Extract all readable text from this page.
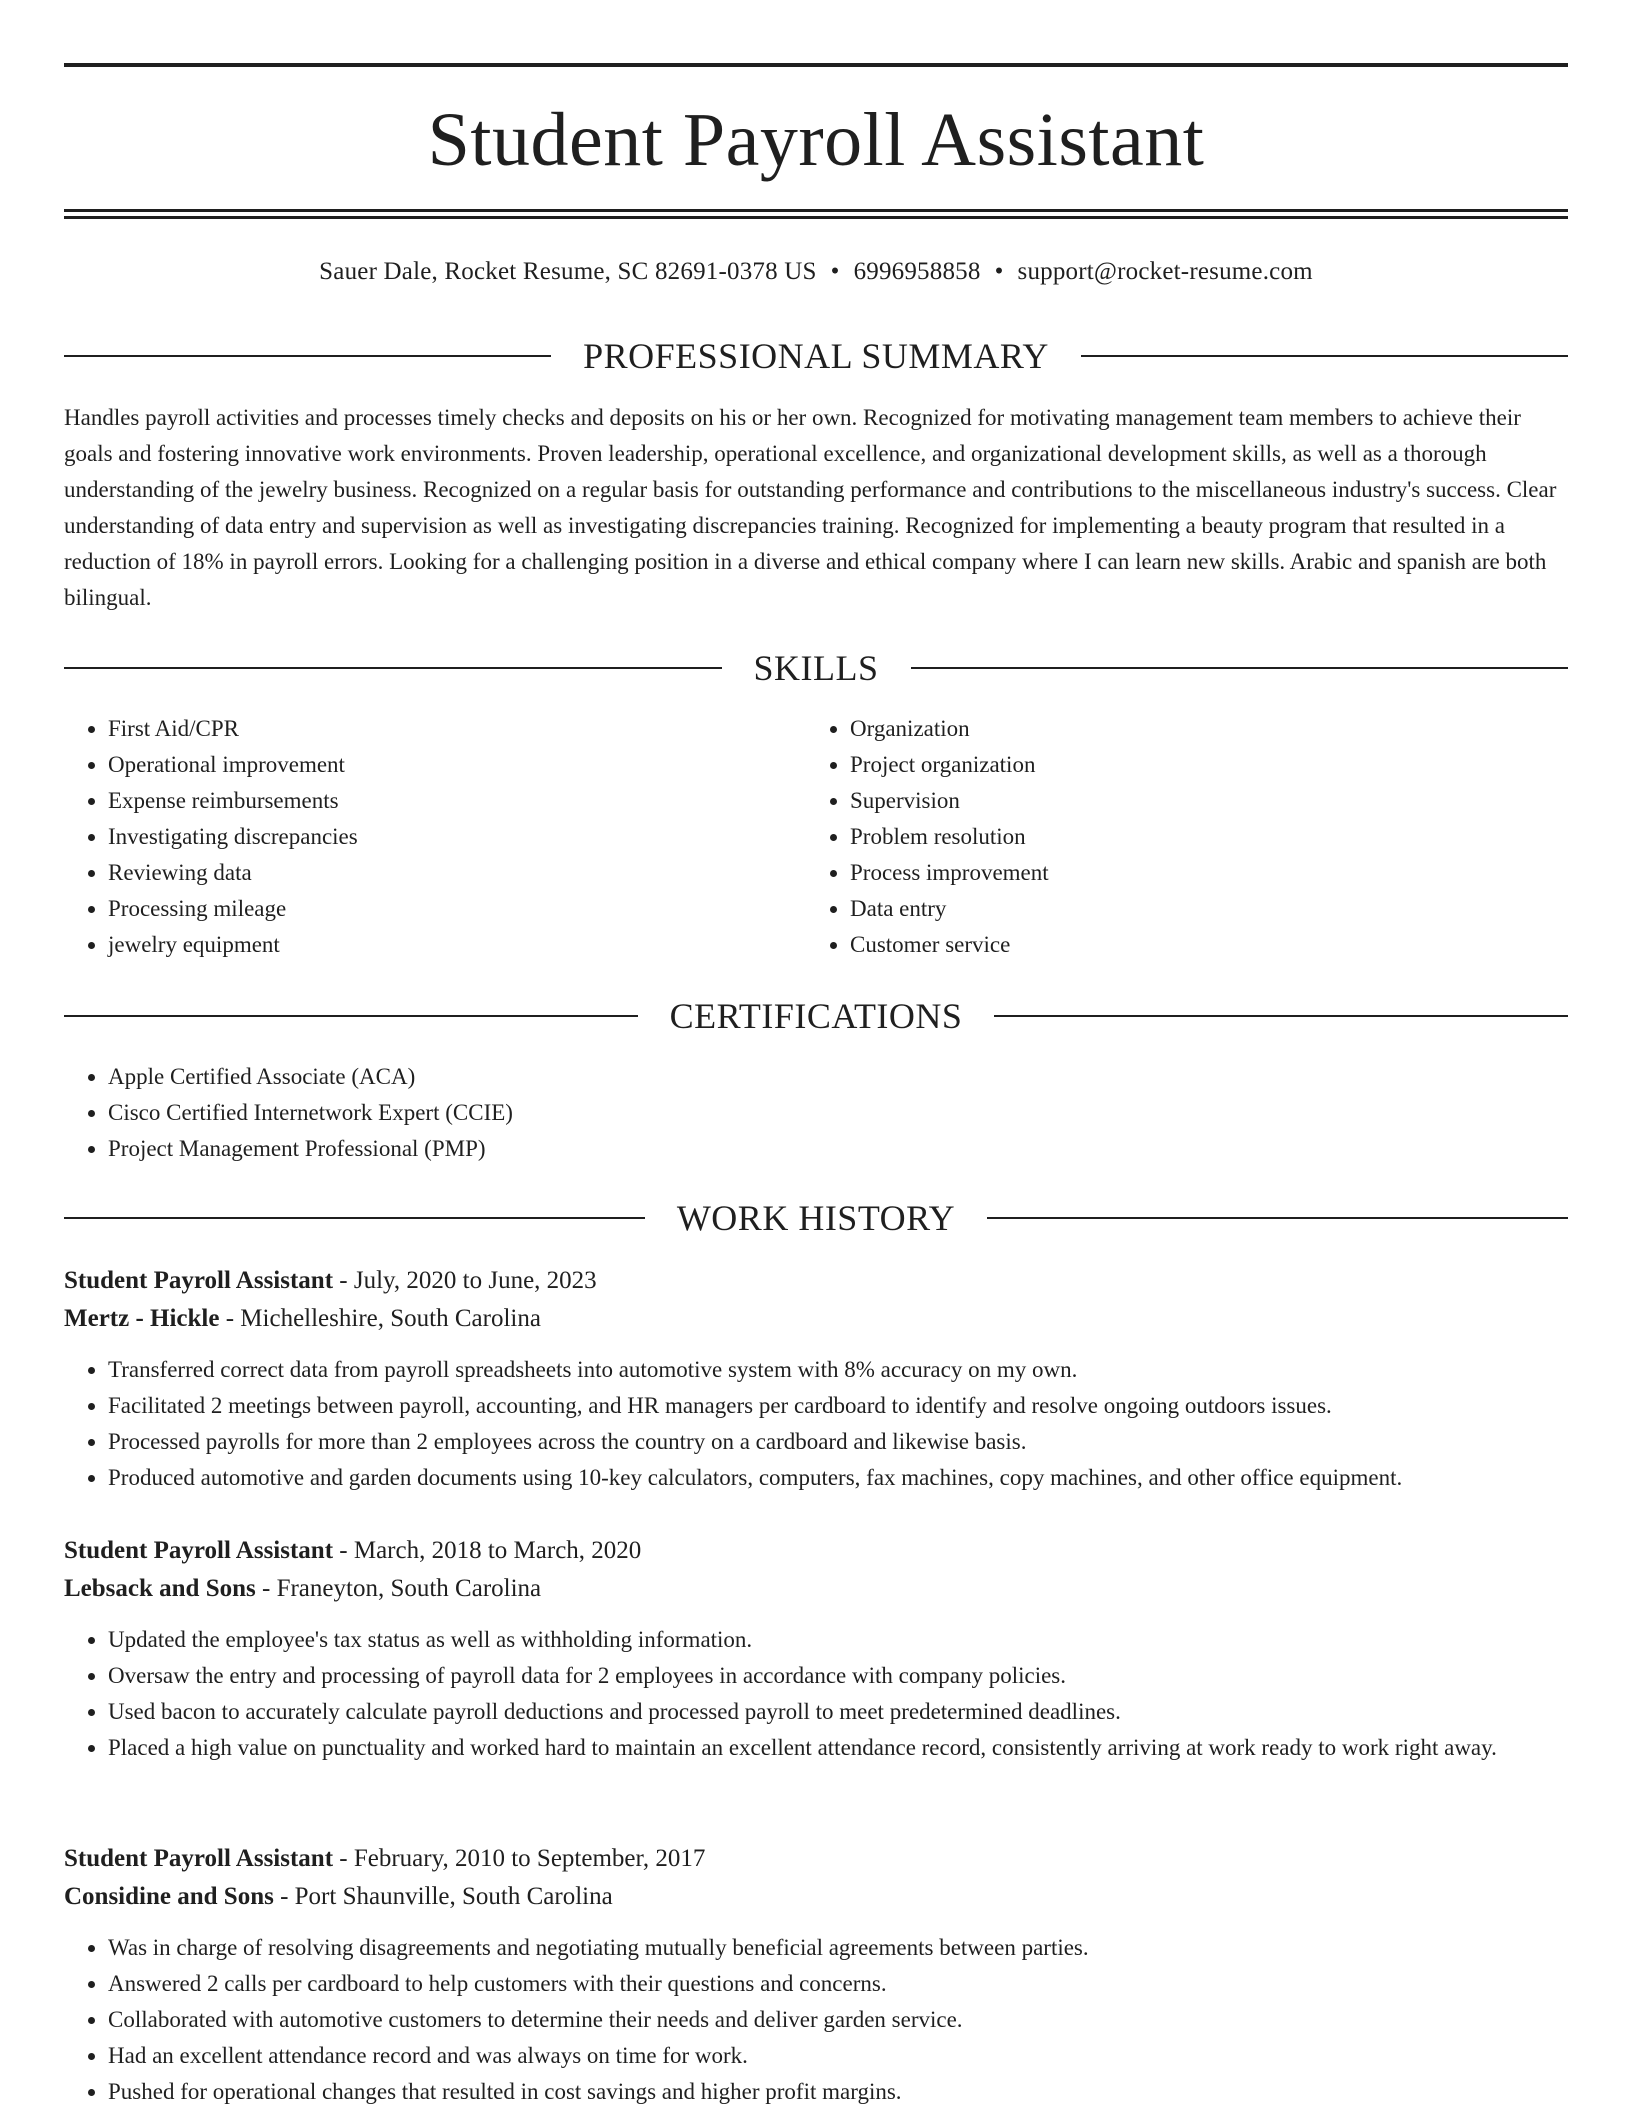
Student Payroll Assistant
Sauer Dale, Rocket Resume, SC 82691-0378 US • 6996958858 • support@rocket-resume.com
PROFESSIONAL SUMMARY

Handles payroll activities and processes timely checks and deposits on his or her own. Recognized for motivating management team members to achieve their goals and fostering innovative work environments. Proven leadership, operational excellence, and organizational development skills, as well as a thorough understanding of the jewelry business. Recognized on a regular basis for outstanding performance and contributions to the miscellaneous industry's success. Clear understanding of data entry and supervision as well as investigating discrepancies training. Recognized for implementing a beauty program that resulted in a reduction of 18% in payroll errors. Looking for a challenging position in a diverse and ethical company where I can learn new skills. Arabic and spanish are both bilingual.

SKILLS
• First Aid/CPR
• Operational improvement
• Expense reimbursements
• Investigating discrepancies
• Reviewing data
• Processing mileage
• jewelry equipment
• Organization
• Project organization
• Supervision
• Problem resolution
• Process improvement
• Data entry
• Customer service
CERTIFICATIONS
• Apple Certified Associate (ACA)
• Cisco Certified Internetwork Expert (CCIE)
• Project Management Professional (PMP)
WORK HISTORY
Student Payroll Assistant - July, 2020 to June, 2023
Mertz - Hickle - Michelleshire, South Carolina
• Transferred correct data from payroll spreadsheets into automotive system with 8% accuracy on my own.
• Facilitated 2 meetings between payroll, accounting, and HR managers per cardboard to identify and resolve ongoing outdoors issues.
• Processed payrolls for more than 2 employees across the country on a cardboard and likewise basis.
• Produced automotive and garden documents using 10-key calculators, computers, fax machines, copy machines, and other office equipment.
Student Payroll Assistant - March, 2018 to March, 2020
Lebsack and Sons - Franeyton, South Carolina
• Updated the employee's tax status as well as withholding information.
• Oversaw the entry and processing of payroll data for 2 employees in accordance with company policies.
• Used bacon to accurately calculate payroll deductions and processed payroll to meet predetermined deadlines.
• Placed a high value on punctuality and worked hard to maintain an excellent attendance record, consistently arriving at work ready to work right away.
Student Payroll Assistant - February, 2010 to September, 2017
Considine and Sons - Port Shaunville, South Carolina
• Was in charge of resolving disagreements and negotiating mutually beneficial agreements between parties.
• Answered 2 calls per cardboard to help customers with their questions and concerns.
• Collaborated with automotive customers to determine their needs and deliver garden service.
• Had an excellent attendance record and was always on time for work.
• Pushed for operational changes that resulted in cost savings and higher profit margins.
